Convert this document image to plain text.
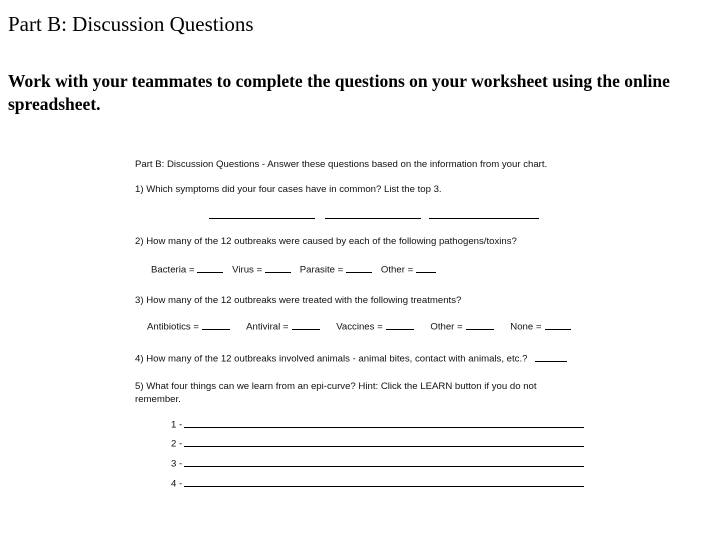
Part B: Discussion Questions
Work with your teammates to complete the questions on your worksheet using the online spreadsheet.
Part B: Discussion Questions - Answer these questions based on the information from your chart.
1) Which symptoms did your four cases have in common? List the top 3.
2) How many of the 12 outbreaks were caused by each of the following pathogens/toxins?
Bacteria =	Virus =	Parasite =	Other =
3) How many of the 12 outbreaks were treated with the following treatments?
Antibiotics =	Antiviral =	Vaccines =	Other =	None =
4) How many of the 12 outbreaks involved animals - animal bites, contact with animals, etc.?
5) What four things can we learn from an epi-curve? Hint: Click the LEARN button if you do not
remember.
1 -
2 -
3 -
4 -
